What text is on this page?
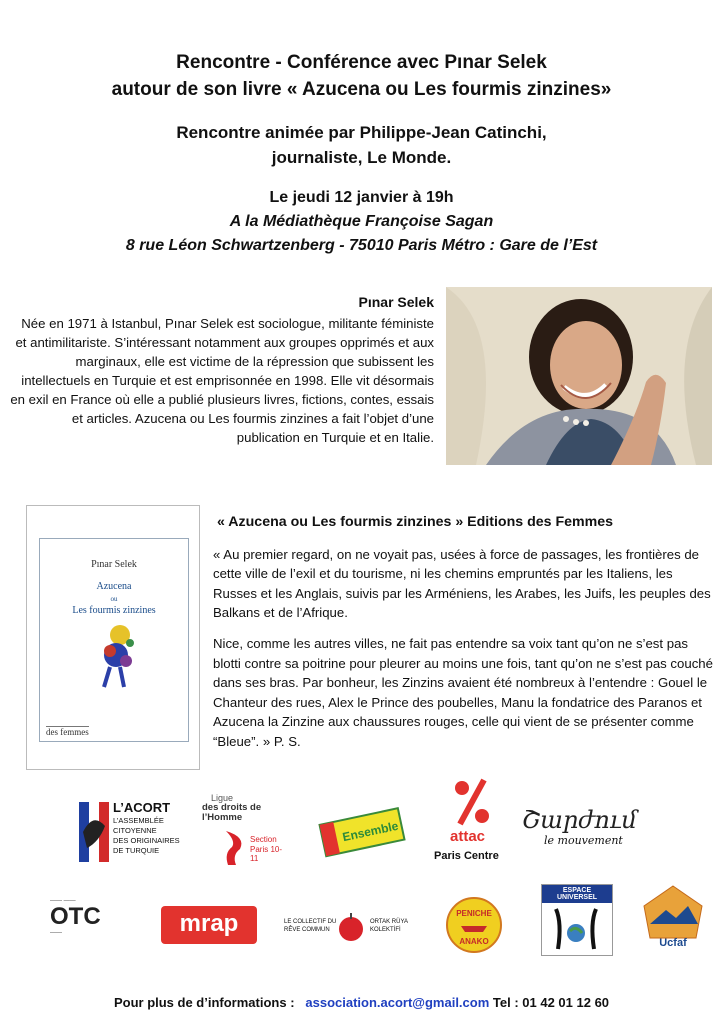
Rencontre - Conférence avec Pınar Selek
autour de son livre « Azucena ou Les fourmis zinzines»
Rencontre animée par Philippe-Jean Catinchi,
journaliste, Le Monde.
Le jeudi 12 janvier à 19h
A la Médiathèque Françoise Sagan
8 rue Léon Schwartzenberg - 75010 Paris Métro : Gare de l’Est
Pınar Selek
Née en 1971 à Istanbul, Pınar Selek est sociologue, militante féministe et antimilitariste. S’intéressant notamment aux groupes opprimés et aux marginaux, elle est victime de la répression que subissent les intellectuels en Turquie et est emprisonnée en 1998. Elle vit désormais en exil en France où elle a publié plusieurs livres, fictions, contes, essais et articles. Azucena ou Les fourmis zinzines a fait l’objet d’une publication en Turquie et en Italie.
Pınar Selek
Azucena
ou
Les fourmis zinzines
des femmes
« Azucena ou Les fourmis zinzines » Editions des Femmes

« Au premier regard, on ne voyait pas, usées à force de passages, les frontières de cette ville de l’exil et du tourisme, ni les chemins empruntés par les Italiens, les Russes et les Anglais, suivis par les Arméniens, les Arabes, les Juifs, les peuples des Balkans et de l’Afrique.

Nice, comme les autres villes, ne fait pas entendre sa voix tant qu’on ne s’est pas blotti contre sa poitrine pour pleurer au moins une fois, tant qu’on ne s’est pas couché dans ses bras. Par bonheur, les Zinzins avaient été nombreux à l’entendre : Gouel le Chanteur des rues, Alex le Prince des poubelles, Manu la fondatrice des Paranos et Azucena la Zinzine aux chaussures rouges, celle qui vient de se présenter comme “Bleue”. » P. S.

L’ACORT
L’ASSEMBLÉE
CITOYENNE
DES ORIGINAIRES
DE TURQUIE
Ligue
des droits de
l’Homme
Section
Paris 10-11
Ensemble	attac
Paris Centre
Շարժում
le mouvement
—— ——
OTC
——	mrap	LE COLLECTIF DU
RÊVE COMMUN
ORTAK RÜYA
KOLEKTİFİ
PENICHE
ANAKO
ESPACE UNIVERSEL
Ucfaf
Pour plus de d’informations : association.acort@gmail.com Tel : 01 42 01 12 60
